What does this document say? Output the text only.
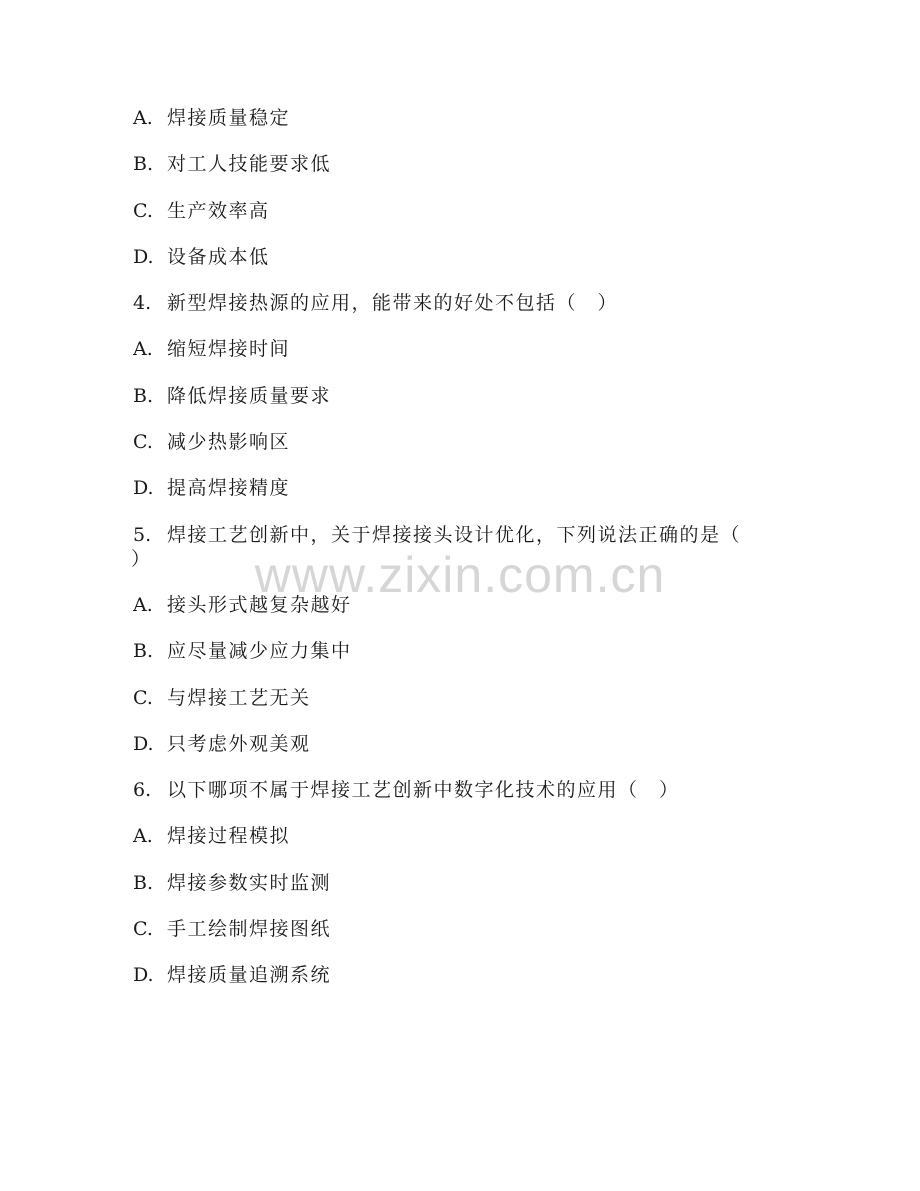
www.zixin.com.cn
A. 焊接质量稳定
B. 对工人技能要求低
C. 生产效率高
D. 设备成本低
4. 新型焊接热源的应用，能带来的好处不包括（　）
A. 缩短焊接时间
B. 降低焊接质量要求
C. 减少热影响区
D. 提高焊接精度
5. 焊接工艺创新中，关于焊接接头设计优化，下列说法正确的是（
）
A. 接头形式越复杂越好
B. 应尽量减少应力集中
C. 与焊接工艺无关
D. 只考虑外观美观
6. 以下哪项不属于焊接工艺创新中数字化技术的应用（　）
A. 焊接过程模拟
B. 焊接参数实时监测
C. 手工绘制焊接图纸
D. 焊接质量追溯系统
